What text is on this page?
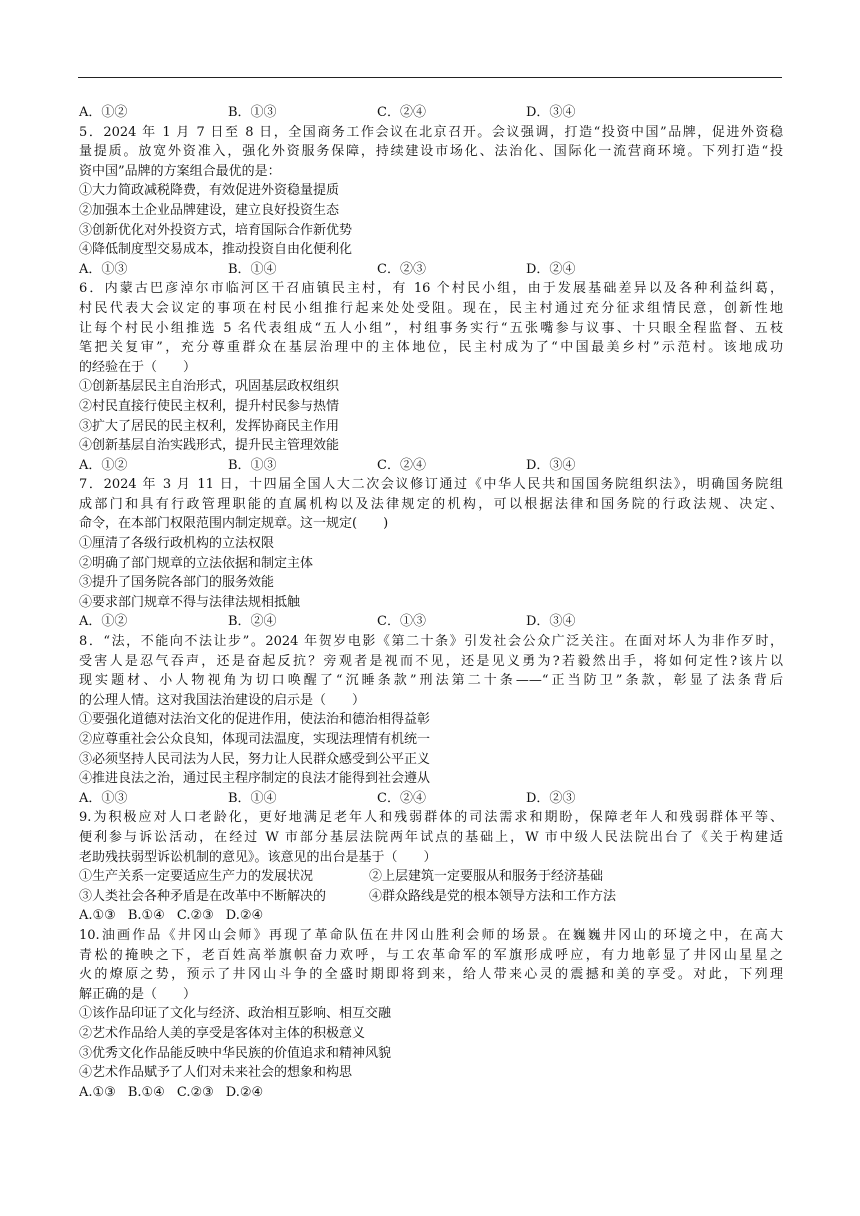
A．①②	B．①③	C．②④	D．③④
5．2024 年 1 月 7 日至 8 日，全国商务工作会议在北京召开。会议强调，打造“投资中国”品牌，促进外资稳
量提质。放宽外资准入，强化外资服务保障，持续建设市场化、法治化、国际化一流营商环境。下列打造“投
资中国”品牌的方案组合最优的是：
①大力简政减税降费，有效促进外资稳量提质
②加强本土企业品牌建设，建立良好投资生态
③创新优化对外投资方式，培育国际合作新优势
④降低制度型交易成本，推动投资自由化便利化
A．①③	B．①④	C．②③	D．②④
6．内蒙古巴彦淖尔市临河区干召庙镇民主村，有 16 个村民小组，由于发展基础差异以及各种利益纠葛，
村民代表大会议定的事项在村民小组推行起来处处受阻。现在，民主村通过充分征求组情民意，创新性地
让每个村民小组推选 5 名代表组成“五人小组”，村组事务实行“五张嘴参与议事、十只眼全程监督、五枝
笔把关复审”，充分尊重群众在基层治理中的主体地位，民主村成为了“中国最美乡村”示范村。该地成功
的经验在于（　　）
①创新基层民主自治形式，巩固基层政权组织
②村民直接行使民主权利，提升村民参与热情
③扩大了居民的民主权利，发挥协商民主作用
④创新基层自治实践形式，提升民主管理效能
A．①②	B．①③	C．②④	D．③④
7．2024 年 3 月 11 日，十四届全国人大二次会议修订通过《中华人民共和国国务院组织法》，明确国务院组
成部门和具有行政管理职能的直属机构以及法律规定的机构，可以根据法律和国务院的行政法规、决定、
命令，在本部门权限范围内制定规章。这一规定(　　)
①厘清了各级行政机构的立法权限
②明确了部门规章的立法依据和制定主体
③提升了国务院各部门的服务效能
④要求部门规章不得与法律法规相抵触
A．①②	B．②④	C．①③	D．③④
8．“法，不能向不法让步”。2024 年贺岁电影《第二十条》引发社会公众广泛关注。在面对坏人为非作歹时，
受害人是忍气吞声，还是奋起反抗？旁观者是视而不见，还是见义勇为?若毅然出手，将如何定性?该片以
现实题材、小人物视角为切口唤醒了“沉睡条款”刑法第二十条——“正当防卫”条款，彰显了法条背后
的公理人情。这对我国法治建设的启示是（　　）
①要强化道德对法治文化的促进作用，使法治和德治相得益彰
②应尊重社会公众良知，体现司法温度，实现法理情有机统一
③必须坚持人民司法为人民，努力让人民群众感受到公平正义
④推进良法之治，通过民主程序制定的良法才能得到社会遵从
A．①③	B．①④	C．②④	D．②③
9.为积极应对人口老龄化，更好地满足老年人和残弱群体的司法需求和期盼，保障老年人和残弱群体平等、
便利参与诉讼活动，在经过 W 市部分基层法院两年试点的基础上，W 市中级人民法院出台了《关于构建适
老助残扶弱型诉讼机制的意见》。该意见的出台是基于（　　）
①生产关系一定要适应生产力的发展状况	②上层建筑一定要服从和服务于经济基础
③人类社会各种矛盾是在改革中不断解决的	④群众路线是党的根本领导方法和工作方法
A.①③ B.①④ C.②③ D.②④
10.油画作品《井冈山会师》再现了革命队伍在井冈山胜利会师的场景。在巍巍井冈山的环境之中，在高大
青松的掩映之下，老百姓高举旗帜奋力欢呼，与工农革命军的军旗形成呼应，有力地彰显了井冈山星星之
火的燎原之势，预示了井冈山斗争的全盛时期即将到来，给人带来心灵的震撼和美的享受。对此，下列理
解正确的是（　　）
①该作品印证了文化与经济、政治相互影响、相互交融
②艺术作品给人美的享受是客体对主体的积极意义
③优秀文化作品能反映中华民族的价值追求和精神风貌
④艺术作品赋予了人们对未来社会的想象和构思
A.①③ B.①④ C.②③ D.②④
